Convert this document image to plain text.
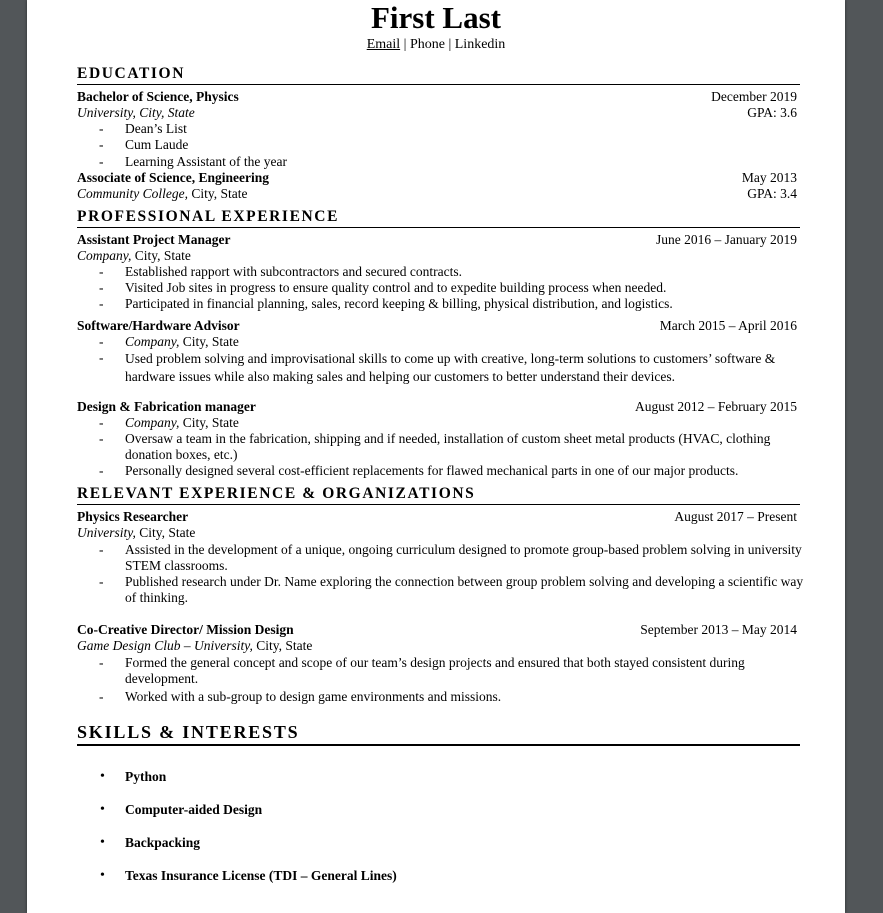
First Last
Email | Phone | Linkedin
EDUCATION
Bachelor of Science, Physics	December 2019
University, City, State	GPA: 3.6
- Dean’s List
- Cum Laude
- Learning Assistant of the year
Associate of Science, Engineering	May 2013
Community College, City, State	GPA: 3.4
PROFESSIONAL EXPERIENCE
Assistant Project Manager	June 2016 – January 2019
Company, City, State
- Established rapport with subcontractors and secured contracts.
- Visited Job sites in progress to ensure quality control and to expedite building process when needed.
- Participated in financial planning, sales, record keeping & billing, physical distribution, and logistics.
Software/Hardware Advisor	March 2015 – April 2016
- Company, City, State
- Used problem solving and improvisational skills to come up with creative, long-term solutions to customers’ software & hardware issues while also making sales and helping our customers to better understand their devices.
Design & Fabrication manager	August 2012 – February 2015
- Company, City, State
- Oversaw a team in the fabrication, shipping and if needed, installation of custom sheet metal products (HVAC, clothing donation boxes, etc.)
- Personally designed several cost-efficient replacements for flawed mechanical parts in one of our major products.
RELEVANT EXPERIENCE & ORGANIZATIONS
Physics Researcher	August 2017 – Present
University, City, State
- Assisted in the development of a unique, ongoing curriculum designed to promote group-based problem solving in university STEM classrooms.
- Published research under Dr. Name exploring the connection between group problem solving and developing a scientific way of thinking.
Co-Creative Director/ Mission Design	September 2013 – May 2014
Game Design Club – University, City, State
- Formed the general concept and scope of our team’s design projects and ensured that both stayed consistent during development.
- Worked with a sub-group to design game environments and missions.
SKILLS & INTERESTS
• Python
• Computer-aided Design
• Backpacking
• Texas Insurance License (TDI – General Lines)
